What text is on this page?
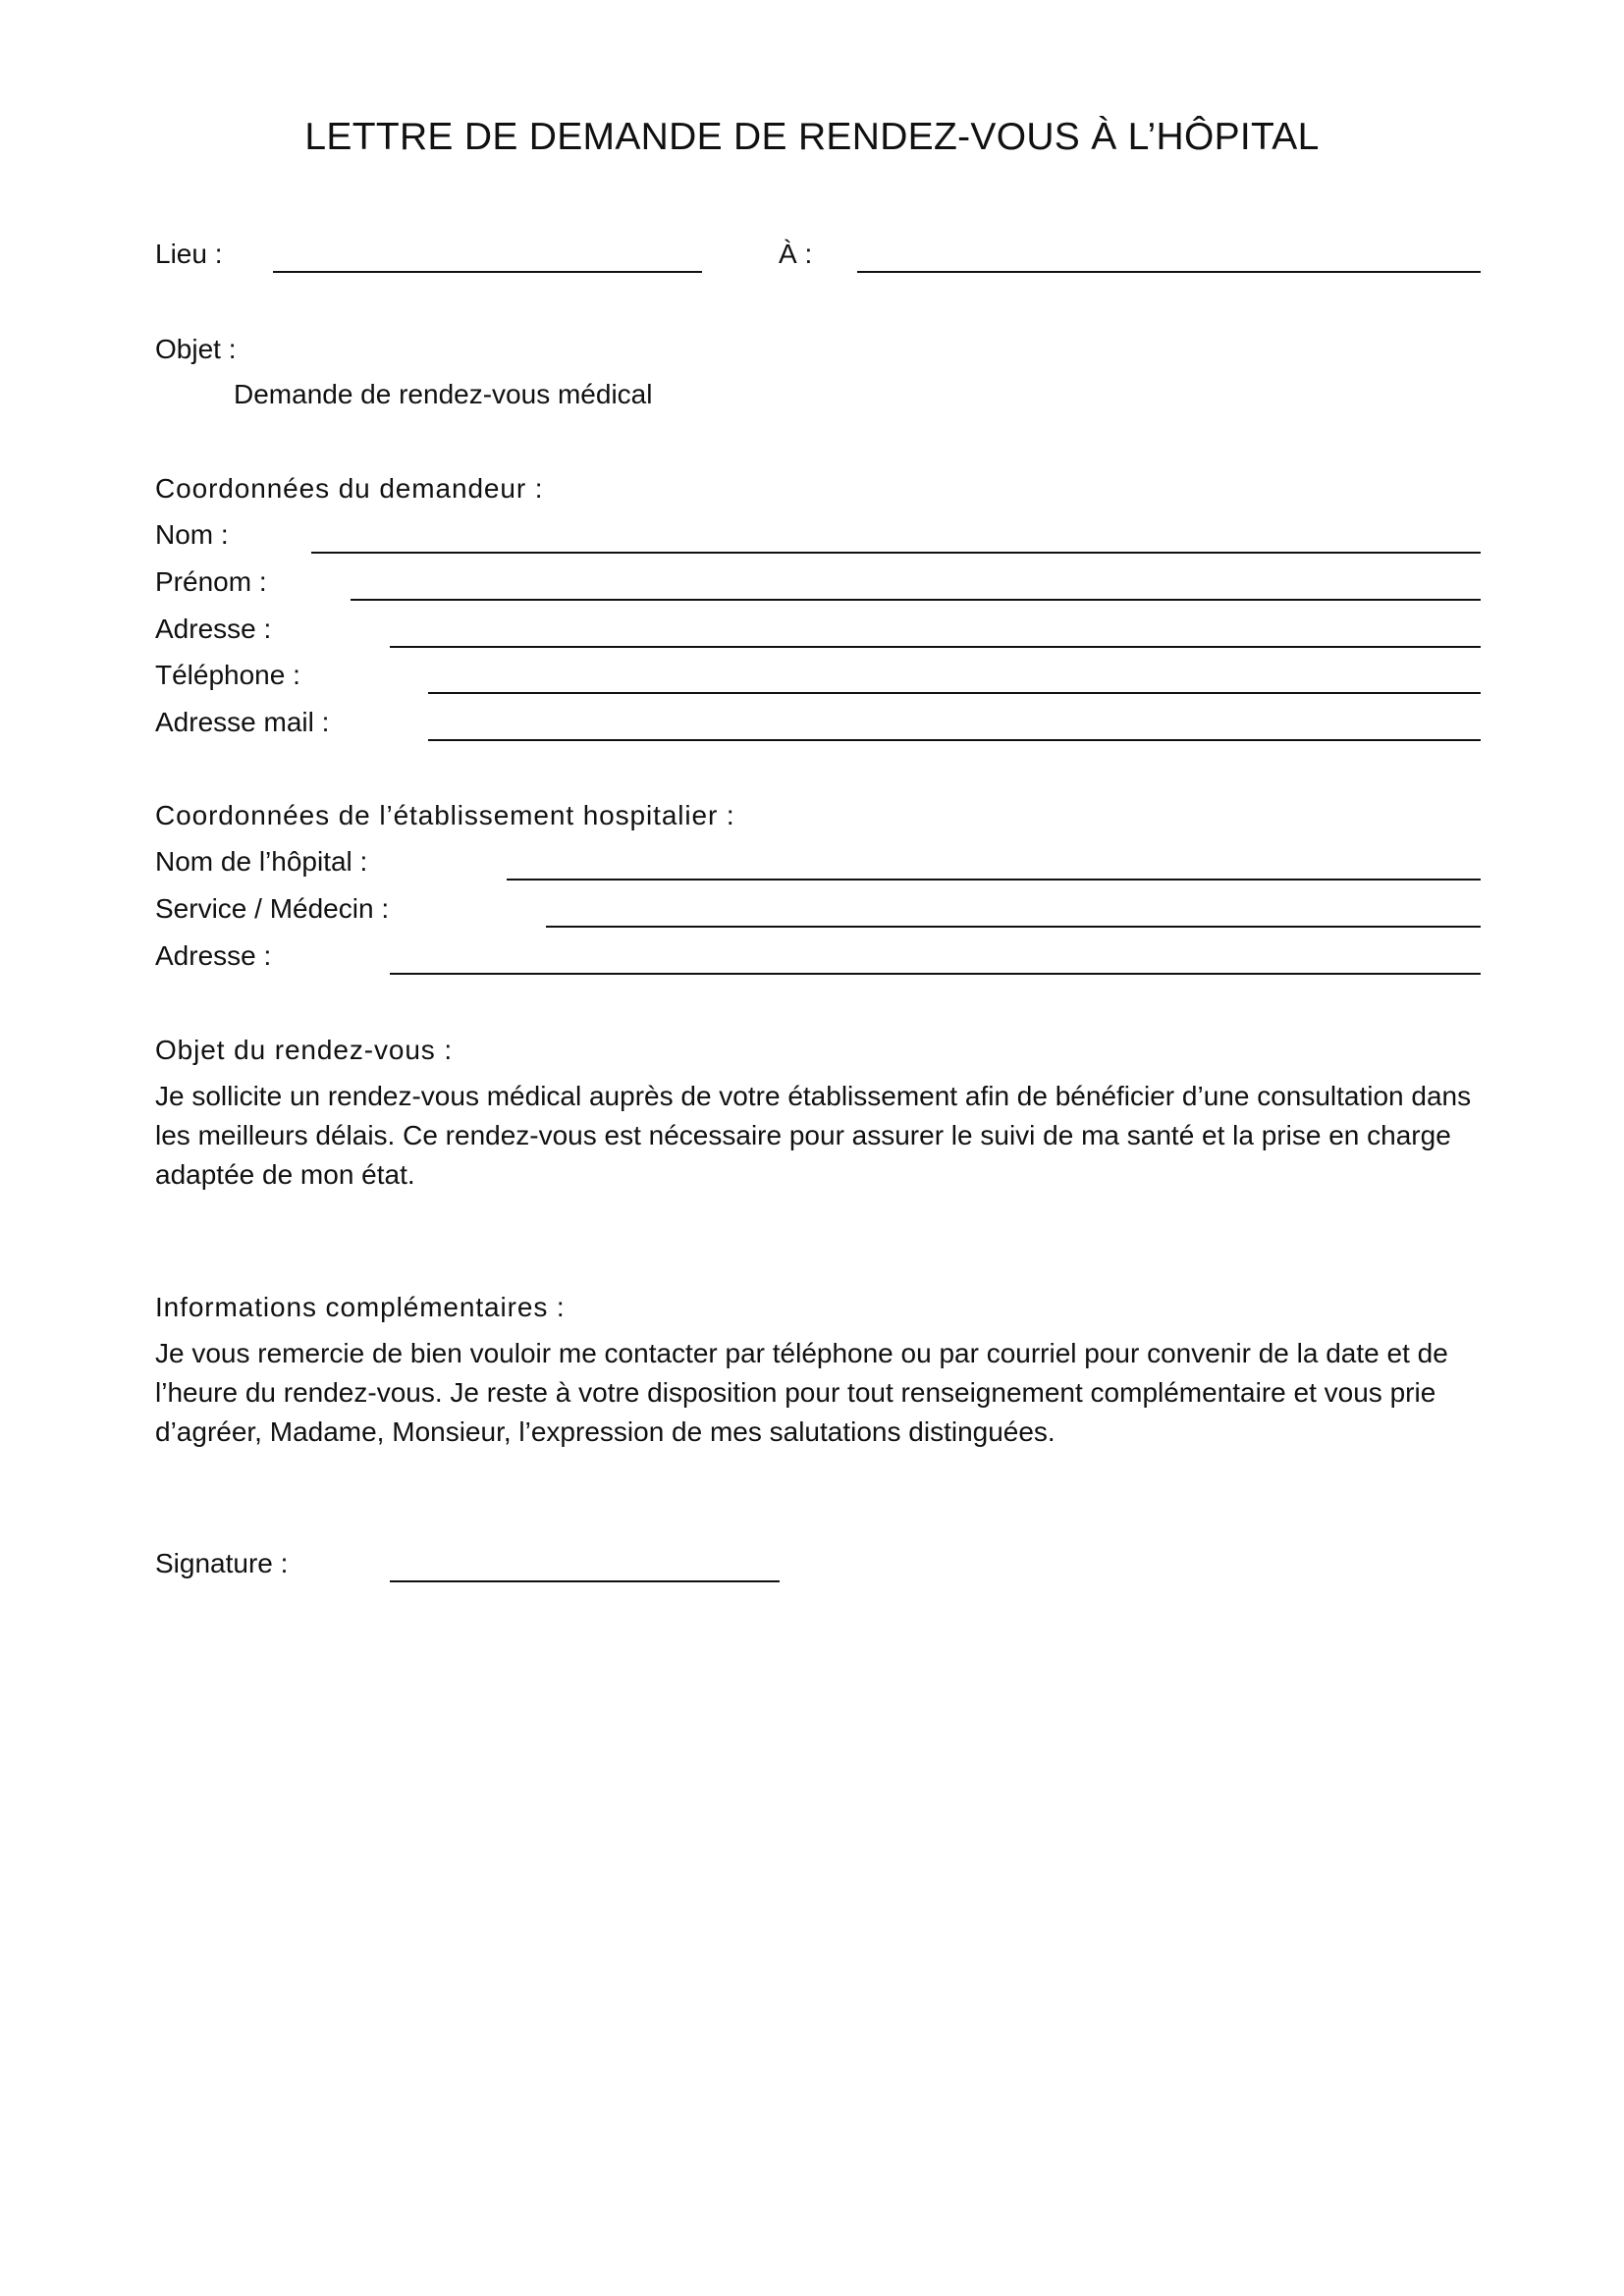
LETTRE DE DEMANDE DE RENDEZ-VOUS À L’HÔPITAL
Lieu :	À :
Objet :
Demande de rendez-vous médical
Coordonnées du demandeur :
Nom :
Prénom :
Adresse :
Téléphone :
Adresse mail :
Coordonnées de l’établissement hospitalier :
Nom de l’hôpital :
Service / Médecin :
Adresse :
Objet du rendez-vous :
Je sollicite un rendez-vous médical auprès de votre établissement afin de bénéficier d’une consultation dans les meilleurs délais. Ce rendez-vous est nécessaire pour assurer le suivi de ma santé et la prise en charge adaptée de mon état.
Informations complémentaires :
Je vous remercie de bien vouloir me contacter par téléphone ou par courriel pour convenir de la date et de l’heure du rendez-vous. Je reste à votre disposition pour tout renseignement complémentaire et vous prie d’agréer, Madame, Monsieur, l’expression de mes salutations distinguées.
Signature :
